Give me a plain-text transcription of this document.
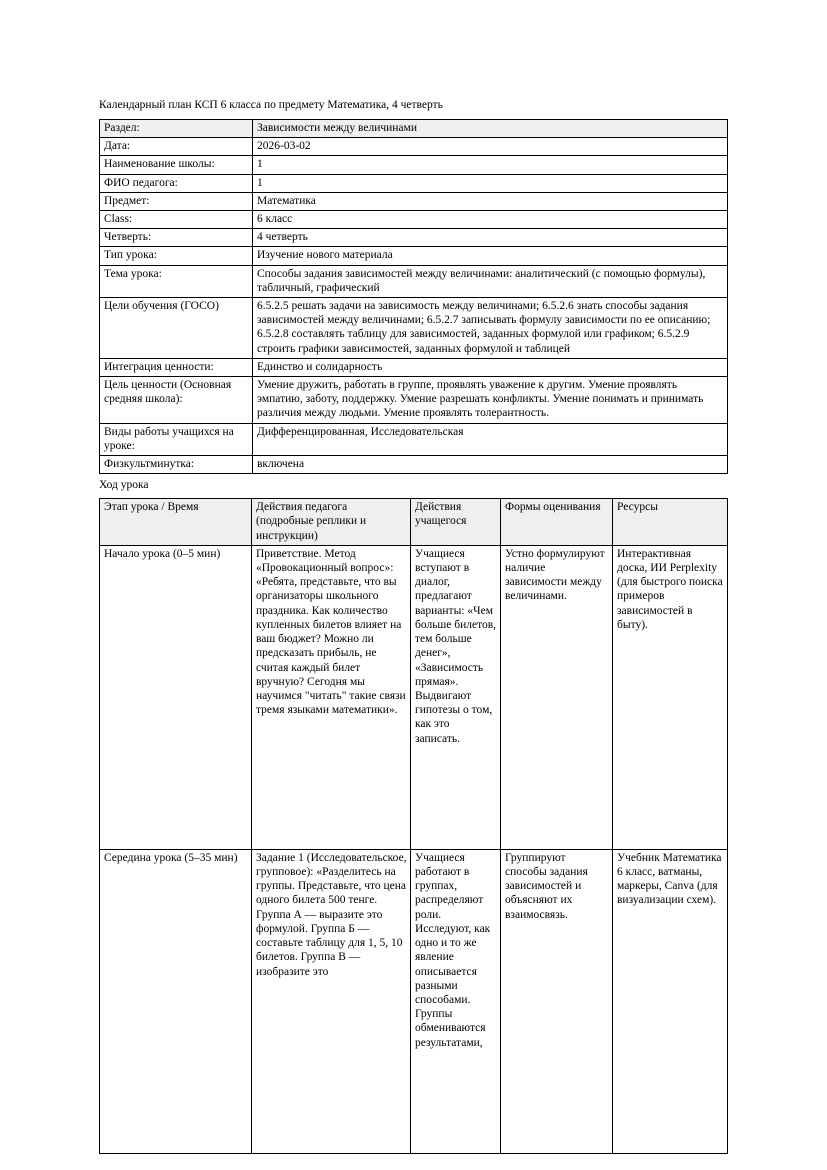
Календарный план КСП 6 класса по предмету Математика, 4 четверть
Раздел:	Зависимости между величинами
Дата:	2026-03-02
Наименование школы:	1
ФИО педагога:	1
Предмет:	Математика
Class:	6 класс
Четверть:	4 четверть
Тип урока:	Изучение нового материала
Тема урока:	Способы задания зависимостей между величинами: аналитический (с помощью формулы), табличный, графический
Цели обучения (ГОСО)	6.5.2.5 решать задачи на зависимость между величинами; 6.5.2.6 знать способы задания зависимостей между величинами; 6.5.2.7 записывать формулу зависимости по ее описанию; 6.5.2.8 составлять таблицу для зависимостей, заданных формулой или графиком; 6.5.2.9 строить графики зависимостей, заданных формулой и таблицей
Интеграция ценности:	Единство и солидарность
Цель ценности (Основная средняя школа):	Умение дружить, работать в группе, проявлять уважение к другим. Умение проявлять эмпатию, заботу, поддержку. Умение разрешать конфликты. Умение понимать и принимать различия между людьми. Умение проявлять толерантность.
Виды работы учащихся на уроке:	Дифференцированная, Исследовательская
Физкультминутка:	включена
Ход урока
Этап урока / Время	Действия педагога (подробные реплики и инструкции)	Действия учащегося	Формы оценивания	Ресурсы
Начало урока (0–5 мин)	Приветствие. Метод «Провокационный вопрос»: «Ребята, представьте, что вы организаторы школьного праздника. Как количество купленных билетов влияет на ваш бюджет? Можно ли предсказать прибыль, не считая каждый билет вручную? Сегодня мы научимся "читать" такие связи тремя языками математики».	Учащиеся вступают в диалог, предлагают варианты: «Чем больше билетов, тем больше денег», «Зависимость прямая». Выдвигают гипотезы о том, как это записать.	Устно формулируют наличие зависимости между величинами.	Интерактивная доска, ИИ Perplexity (для быстрого поиска примеров зависимостей в быту).
Середина урока (5–35 мин)	Задание 1 (Исследовательское, групповое): «Разделитесь на группы. Представьте, что цена одного билета 500 тенге. Группа А — выразите это формулой. Группа Б — составьте таблицу для 1, 5, 10 билетов. Группа В — изобразите это	Учащиеся работают в группах, распределяют роли. Исследуют, как одно и то же явление описывается разными способами. Группы обмениваются результатами,	Группируют способы задания зависимостей и объясняют их взаимосвязь.	Учебник Математика 6 класс, ватманы, маркеры, Canva (для визуализации схем).
